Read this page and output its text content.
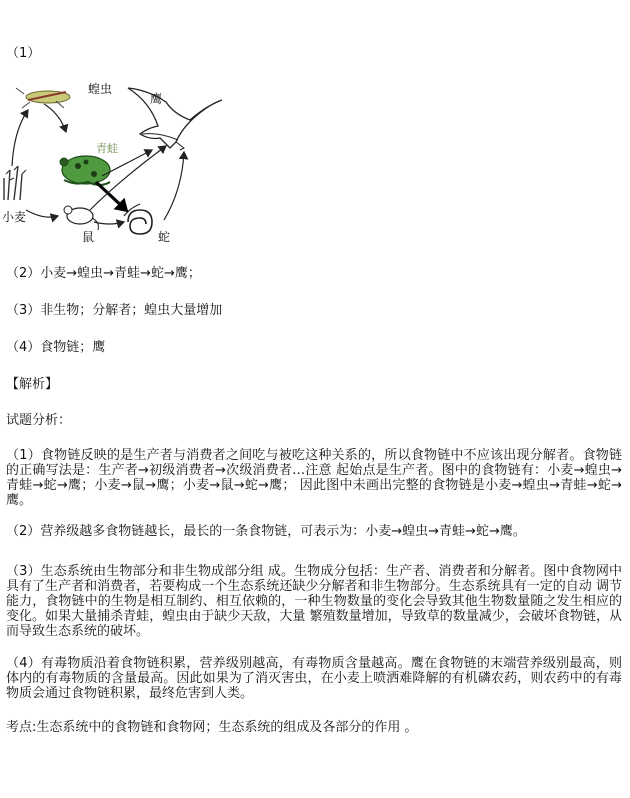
（1）
蝗虫
鹰
青蛙
小麦
鼠	蛇
（2）小麦→蝗虫→青蛙→蛇→鹰；
（3）非生物；分解者；蝗虫大量增加
（4）食物链；鹰
【解析】
试题分析：
（1）食物链反映的是生产者与消费者之间吃与被吃这种关系的，所以食物链中不应该出现分解者。食物链的正确写法是：生产者→初级消费者→次级消费者…注意 起始点是生产者。图中的食物链有：小麦→蝗虫→青蛙→蛇→鹰；小麦→鼠→鹰；小麦→鼠→蛇→鹰； 因此图中未画出完整的食物链是小麦→蝗虫→青蛙→蛇→ 鹰。
（2）营养级越多食物链越长，最长的一条食物链，可表示为：小麦→蝗虫→青蛙→蛇→鹰。
（3）生态系统由生物部分和非生物成部分组 成。生物成分包括：生产者、消费者和分解者。图中食物网中具有了生产者和消费者，若要构成一个生态系统还缺少分解者和非生物部分。生态系统具有一定的自动 调节能力，食物链中的生物是相互制约、相互依赖的，一种生物数量的变化会导致其他生物数量随之发生相应的变化。如果大量捕杀青蛙，蝗虫由于缺少天敌，大量 繁殖数量增加，导致草的数量减少，会破坏食物链，从而导致生态系统的破坏。
（4）有毒物质沿着食物链积累，营养级别越高，有毒物质含量越高。鹰在食物链的末端营养级别最高，则体内的有毒物质的含量最高。因此如果为了消灭害虫，在小麦上喷洒难降解的有机磷农药，则农药中的有毒物质会通过食物链积累，最终危害到人类。
考点:生态系统中的食物链和食物网；生态系统的组成及各部分的作用 。
